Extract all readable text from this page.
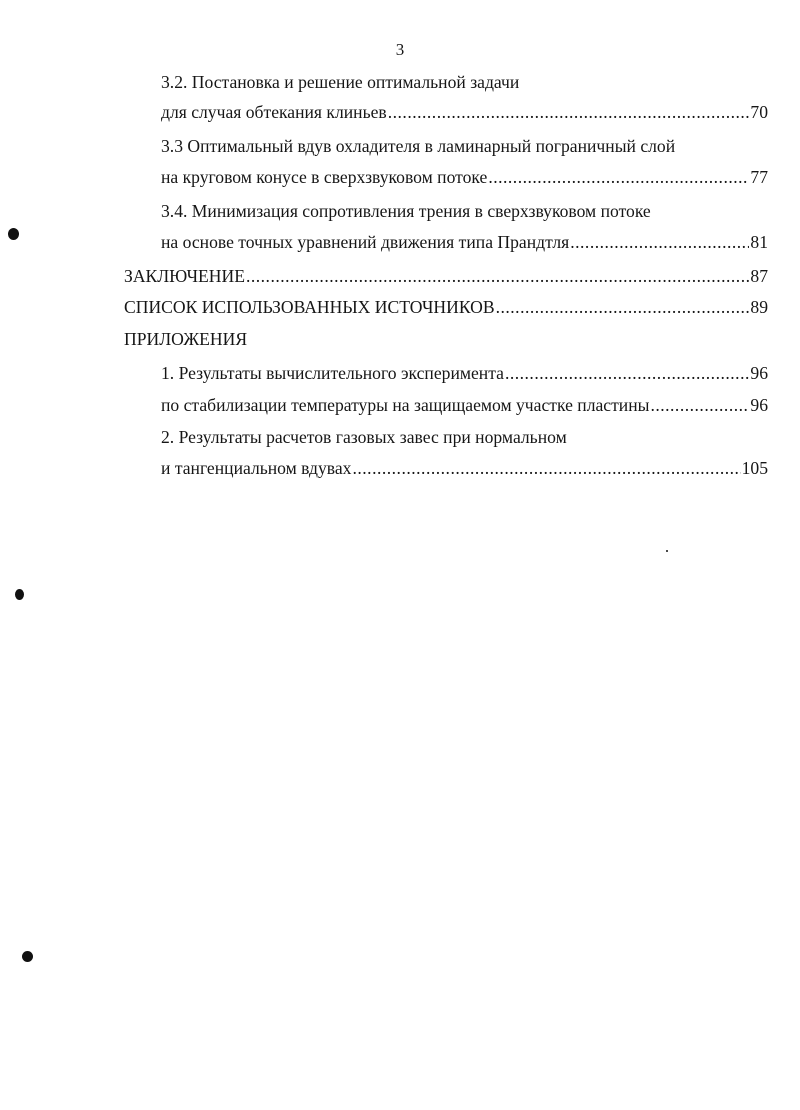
3
3.2. Постановка и решение оптимальной задачи
для случая обтекания клиньев .....	70
3.3 Оптимальный вдув охладителя в ламинарный пограничный слой
на круговом конусе в сверхзвуковом потоке .....	77
3.4. Минимизация сопротивления трения в сверхзвуковом потоке
на основе точных уравнений движения типа Прандтля .....	81
ЗАКЛЮЧЕНИЕ .....	87
СПИСОК ИСПОЛЬЗОВАННЫХ ИСТОЧНИКОВ .....	89
ПРИЛОЖЕНИЯ
1. Результаты вычислительного эксперимента .....	96
по стабилизации температуры на защищаемом участке пластины .....	96
2. Результаты расчетов газовых завес при нормальном
и тангенциальном вдувах .....	105
